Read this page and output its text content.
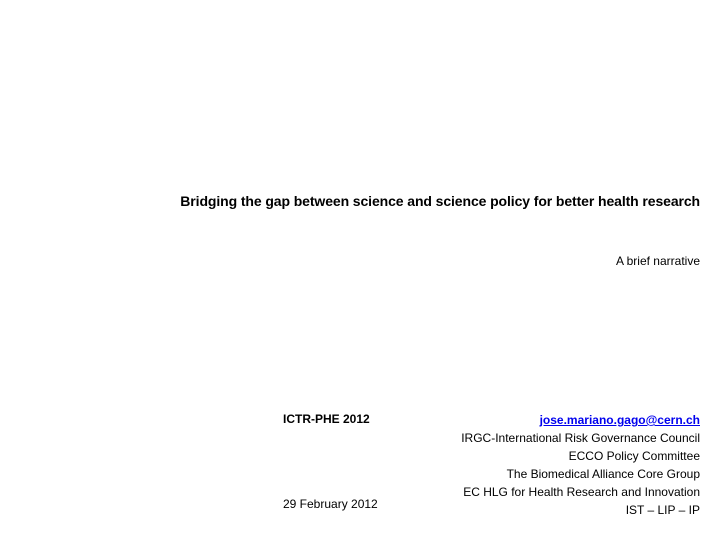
Bridging the gap between science and science policy for better health research
A brief narrative
ICTR-PHE 2012
29 February 2012
jose.mariano.gago@cern.ch
IRGC-International Risk Governance Council
ECCO Policy Committee
The Biomedical Alliance Core Group
EC HLG for Health Research and Innovation
IST – LIP – IP
